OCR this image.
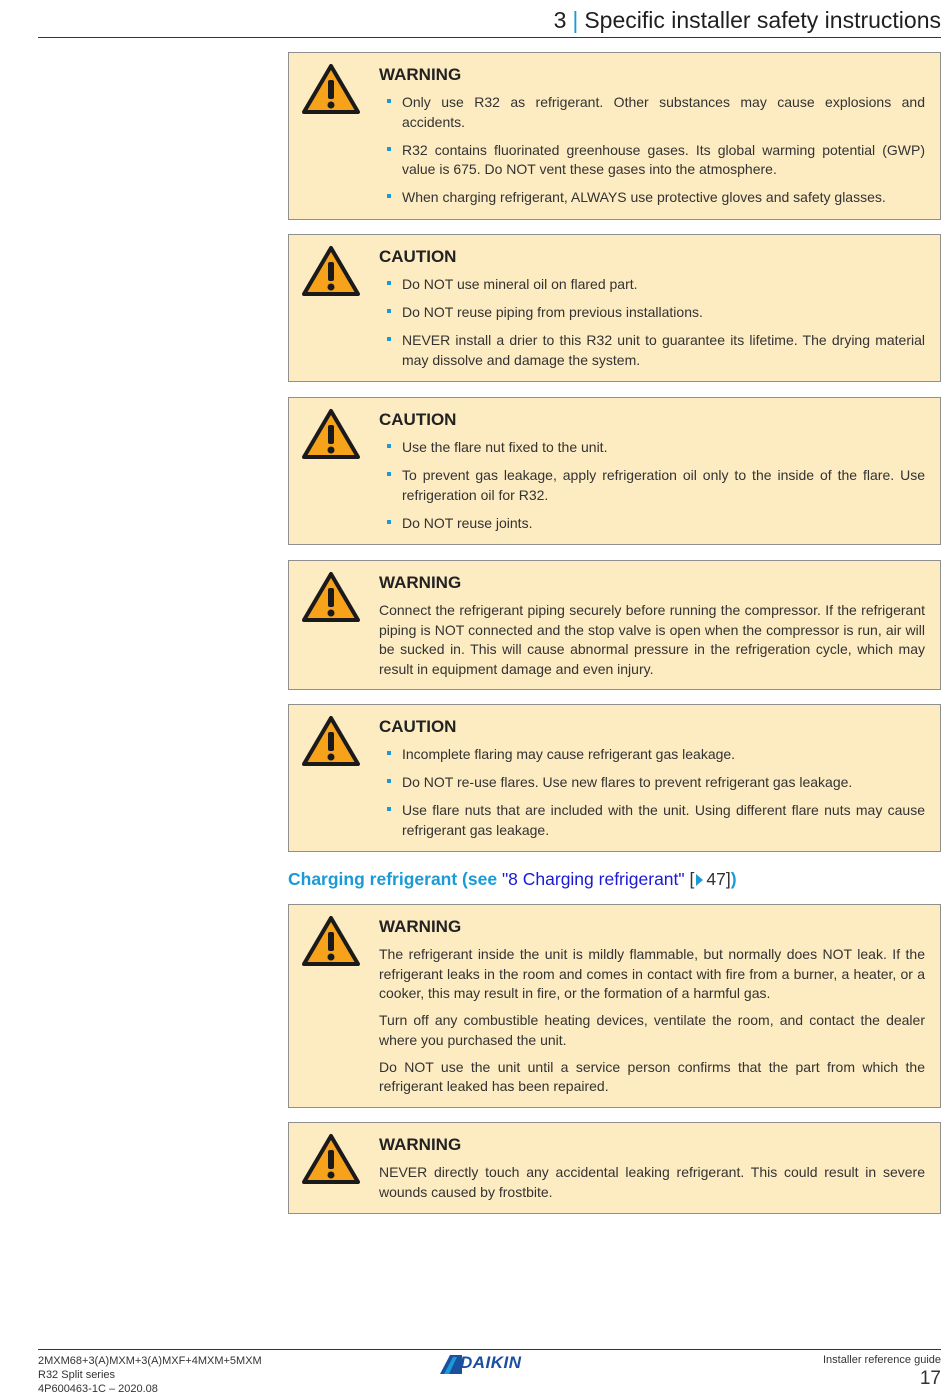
3 | Specific installer safety instructions
WARNING
Only use R32 as refrigerant. Other substances may cause explosions and accidents.
R32 contains fluorinated greenhouse gases. Its global warming potential (GWP) value is 675. Do NOT vent these gases into the atmosphere.
When charging refrigerant, ALWAYS use protective gloves and safety glasses.
CAUTION
Do NOT use mineral oil on flared part.
Do NOT reuse piping from previous installations.
NEVER install a drier to this R32 unit to guarantee its lifetime. The drying material may dissolve and damage the system.
CAUTION
Use the flare nut fixed to the unit.
To prevent gas leakage, apply refrigeration oil only to the inside of the flare. Use refrigeration oil for R32.
Do NOT reuse joints.
WARNING

Connect the refrigerant piping securely before running the compressor. If the refrigerant piping is NOT connected and the stop valve is open when the compressor is run, air will be sucked in. This will cause abnormal pressure in the refrigeration cycle, which may result in equipment damage and even injury.

CAUTION
Incomplete flaring may cause refrigerant gas leakage.
Do NOT re-use flares. Use new flares to prevent refrigerant gas leakage.
Use flare nuts that are included with the unit. Using different flare nuts may cause refrigerant gas leakage.
Charging refrigerant (see "8 Charging refrigerant" [ 47])
WARNING

The refrigerant inside the unit is mildly flammable, but normally does NOT leak. If the refrigerant leaks in the room and comes in contact with fire from a burner, a heater, or a cooker, this may result in fire, or the formation of a harmful gas.

Turn off any combustible heating devices, ventilate the room, and contact the dealer where you purchased the unit.

Do NOT use the unit until a service person confirms that the part from which the refrigerant leaked has been repaired.

WARNING

NEVER directly touch any accidental leaking refrigerant. This could result in severe wounds caused by frostbite.

2MXM68+3(A)MXM+3(A)MXF+4MXM+5MXM
R32 Split series
4P600463-1C – 2020.08
DAIKIN	Installer reference guide
17
